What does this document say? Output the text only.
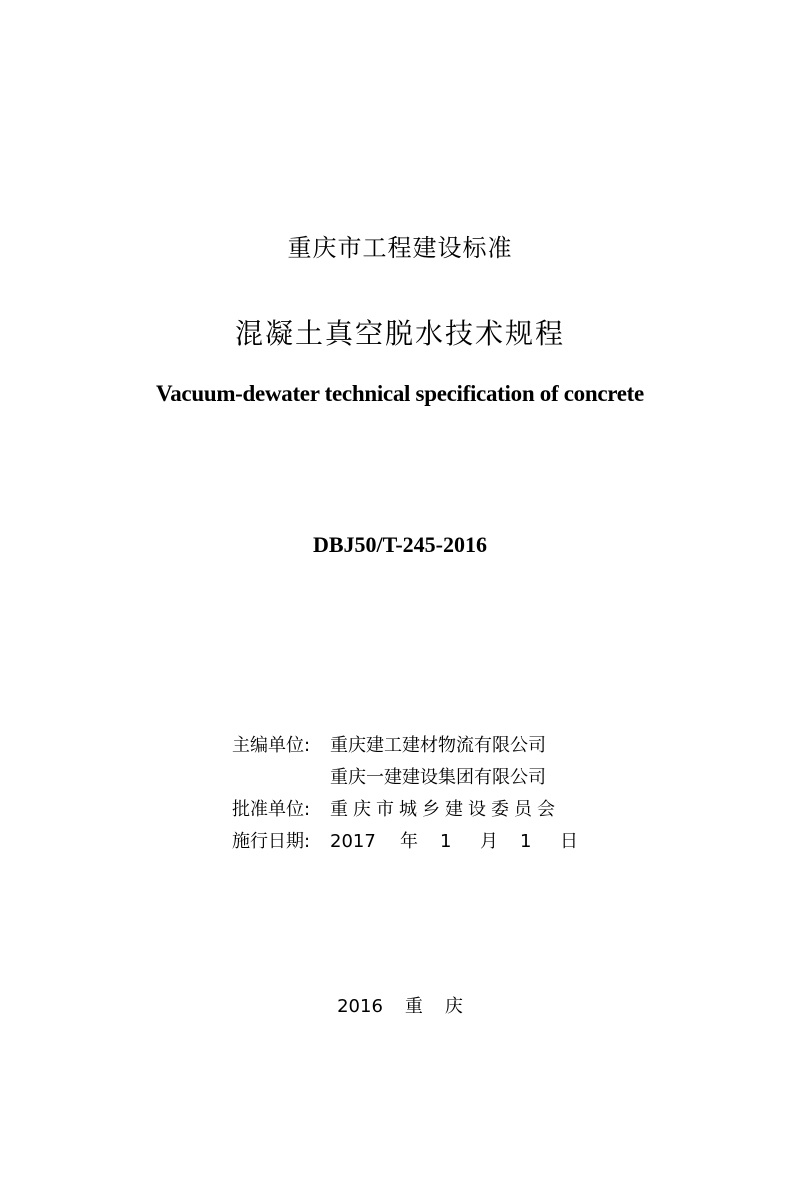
重庆市工程建设标准
混凝土真空脱水技术规程
Vacuum-dewater technical specification of concrete
DBJ50/T-245-2016
主编单位:	重庆建工建材物流有限公司
重庆一建建设集团有限公司
批准单位:	重庆市城乡建设委员会
施行日期:	2017 年 1 月 1 日
2016 重庆
